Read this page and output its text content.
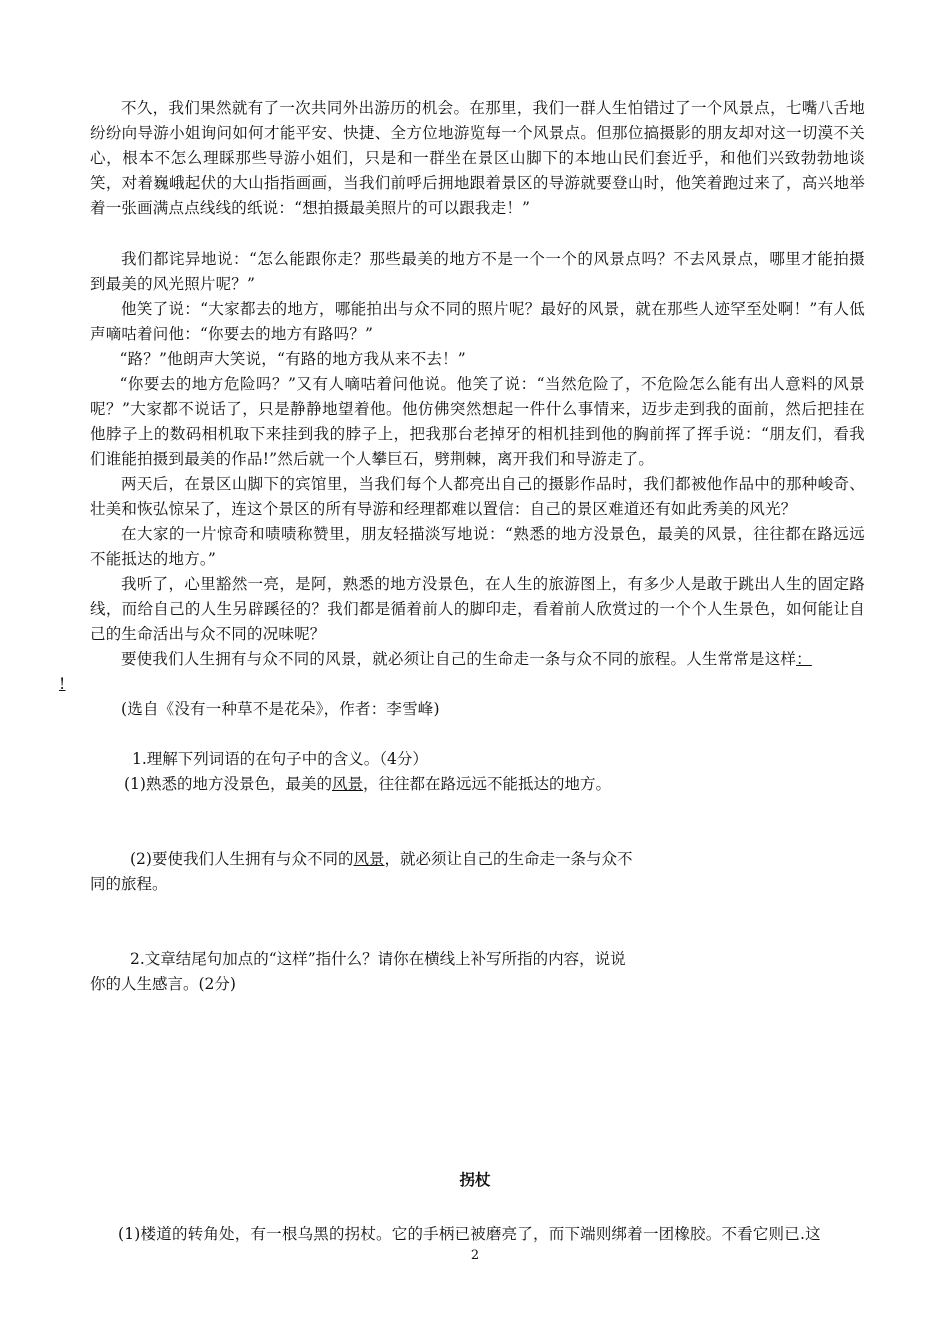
不久，我们果然就有了一次共同外出游历的机会。在那里，我们一群人生怕错过了一个风景点，七嘴八舌地纷纷向导游小姐询问如何才能平安、快捷、全方位地游览每一个风景点。但那位搞摄影的朋友却对这一切漠不关心，根本不怎么理睬那些导游小姐们，只是和一群坐在景区山脚下的本地山民们套近乎，和他们兴致勃勃地谈笑，对着巍峨起伏的大山指指画画，当我们前呼后拥地跟着景区的导游就要登山时，他笑着跑过来了，高兴地举着一张画满点点线线的纸说：“想拍摄最美照片的可以跟我走！”

我们都诧异地说：“怎么能跟你走？那些最美的地方不是一个一个的风景点吗？不去风景点，哪里才能拍摄到最美的风光照片呢？”

他笑了说：“大家都去的地方，哪能拍出与众不同的照片呢？最好的风景，就在那些人迹罕至处啊！”有人低声嘀咕着问他：“你要去的地方有路吗？”

“路？”他朗声大笑说，“有路的地方我从来不去！”

“你要去的地方危险吗？”又有人嘀咕着问他说。他笑了说：“当然危险了，不危险怎么能有出人意料的风景呢？”大家都不说话了，只是静静地望着他。他仿佛突然想起一件什么事情来，迈步走到我的面前，然后把挂在他脖子上的数码相机取下来挂到我的脖子上，把我那台老掉牙的相机挂到他的胸前挥了挥手说：“朋友们，看我们谁能拍摄到最美的作品!”然后就一个人攀巨石，劈荆棘，离开我们和导游走了。

两天后，在景区山脚下的宾馆里，当我们每个人都亮出自己的摄影作品时，我们都被他作品中的那种峻奇、壮美和恢弘惊呆了，连这个景区的所有导游和经理都难以置信：自己的景区难道还有如此秀美的风光？

在大家的一片惊奇和啧啧称赞里，朋友轻描淡写地说：“熟悉的地方没景色，最美的风景，往往都在路远远不能抵达的地方。”

我听了，心里豁然一亮，是阿，熟悉的地方没景色，在人生的旅游图上，有多少人是敢于跳出人生的固定路线，而给自己的人生另辟蹊径的？我们都是循着前人的脚印走，看着前人欣赏过的一个个人生景色，如何能让自己的生命活出与众不同的况味呢？

要使我们人生拥有与众不同的风景，就必须让自己的生命走一条与众不同的旅程。人生常常是这样：
!

(选自《没有一种草不是花朵》，作者：李雪峰)

1.理解下列词语的在句子中的含义。（4分）

(1)熟悉的地方没景色，最美的风景，往往都在路远远不能抵达的地方。

(2)要使我们人生拥有与众不同的风景，就必须让自己的生命走一条与众不

同的旅程。

2.文章结尾句加点的“这样”指什么？请你在横线上补写所指的内容，说说

你的人生感言。(2分)

拐杖

(1)楼道的转角处，有一根乌黑的拐杖。它的手柄已被磨亮了，而下端则绑着一团橡胶。不看它则已.这

2
